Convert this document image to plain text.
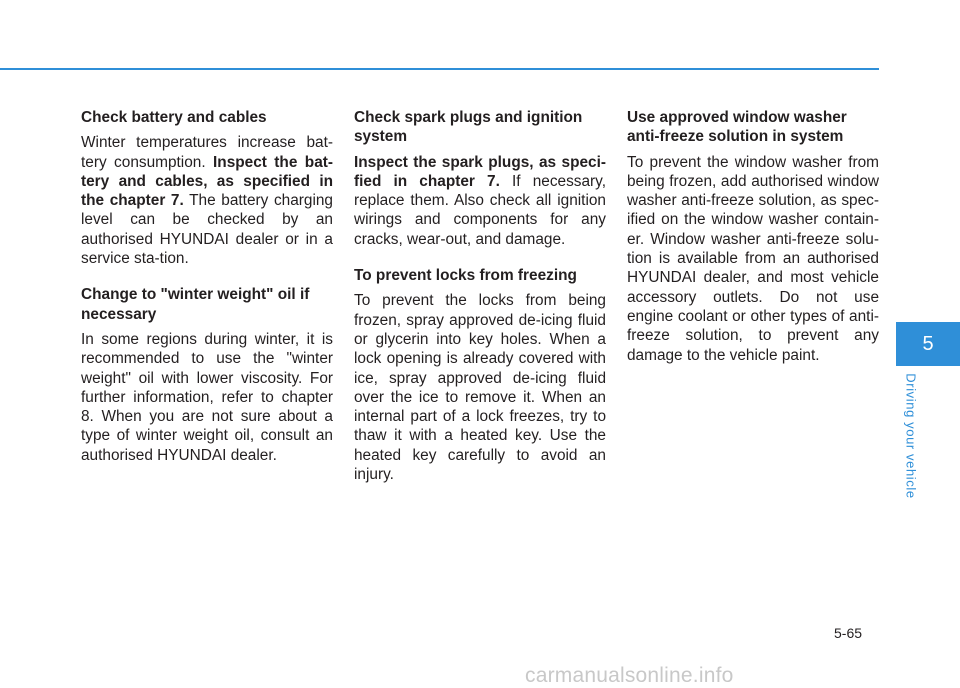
Check battery and cables

Winter temperatures increase bat-tery consumption. Inspect the bat-tery and cables, as specified in the chapter 7. The battery charging level can be checked by an authorised HYUNDAI dealer or in a service sta-tion.

Change to "winter weight" oil if necessary

In some regions during winter, it is recommended to use the "winter weight" oil with lower viscosity. For further information, refer to chapter 8. When you are not sure about a type of winter weight oil, consult an authorised HYUNDAI dealer.

Check spark plugs and ignition system

Inspect the spark plugs, as speci-fied in chapter 7. If necessary, replace them. Also check all ignition wirings and components for any cracks, wear-out, and damage.

To prevent locks from freezing

To prevent the locks from being frozen, spray approved de-icing fluid or glycerin into key holes. When a lock opening is already covered with ice, spray approved de-icing fluid over the ice to remove it. When an internal part of a lock freezes, try to thaw it with a heated key. Use the heated key carefully to avoid an injury.

Use approved window washer anti-freeze solution in system

To prevent the window washer from being frozen, add authorised window washer anti-freeze solution, as spec-ified on the window washer contain-er. Window washer anti-freeze solu-tion is available from an authorised HYUNDAI dealer, and most vehicle accessory outlets. Do not use engine coolant or other types of anti-freeze solution, to prevent any damage to the vehicle paint.

5
Driving your vehicle
5-65
carmanualsonline.info
